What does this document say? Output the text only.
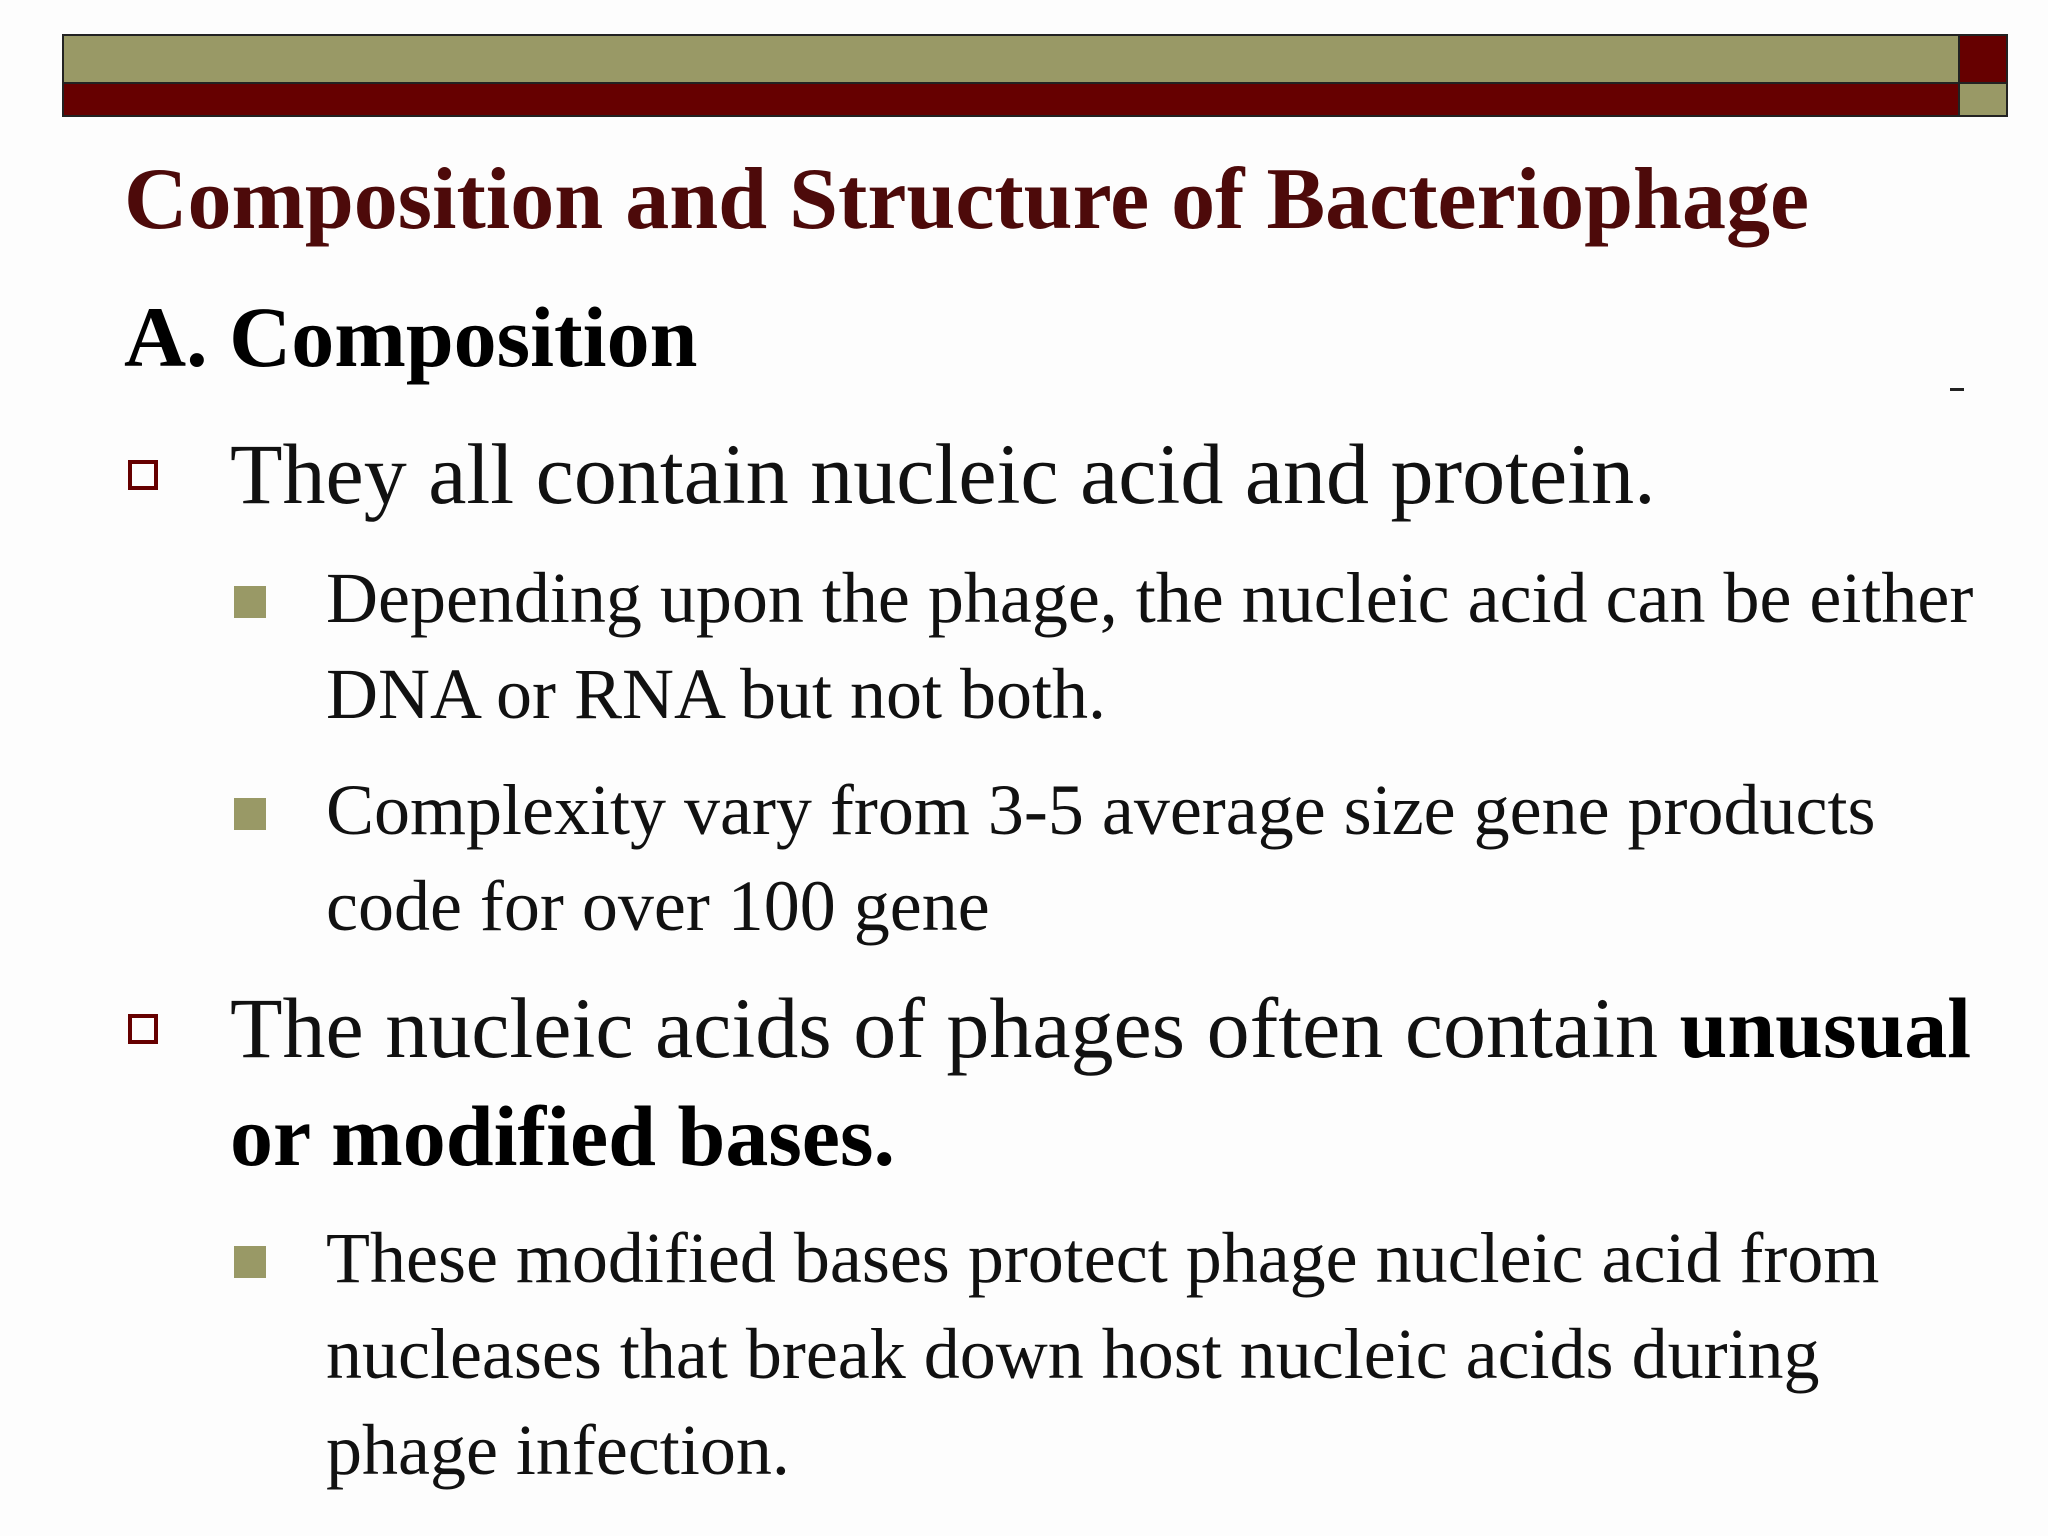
Composition and Structure of Bacteriophage
A. Composition
They all contain nucleic acid and protein.
Depending upon the phage, the nucleic acid can be either DNA or RNA but not both.
Complexity vary from 3-5 average size gene products code for over 100 gene
The nucleic acids of phages often contain unusual or modified bases.
These modified bases protect phage nucleic acid from nucleases that break down host nucleic acids during phage infection.
